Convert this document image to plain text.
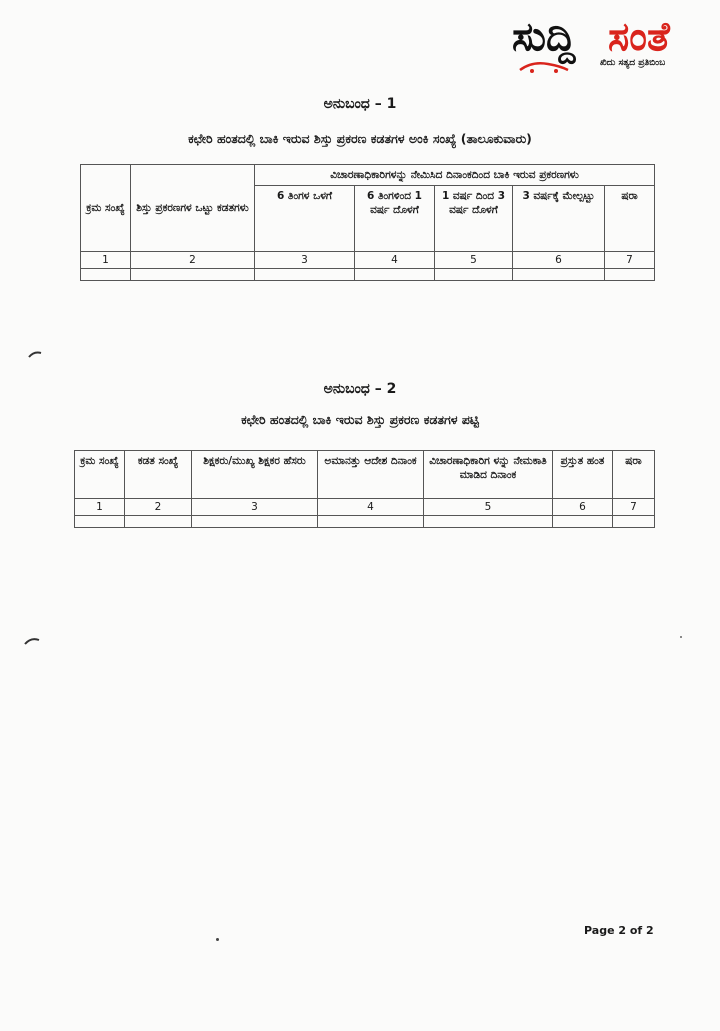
ಸುದ್ದಿ ಸಂತೆ
ಖಿದು ಸತ್ಯದ ಪ್ರತಿಬಿಂಬ
ಅನುಬಂಧ – 1
ಕಛೇರಿ ಹಂತದಲ್ಲಿ ಬಾಕಿ ಇರುವ ಶಿಸ್ತು ಪ್ರಕರಣ ಕಡತಗಳ ಅಂಕಿ ಸಂಖ್ಯೆ (ತಾಲೂಕುವಾರು)
ಕ್ರಮ ಸಂಖ್ಯೆ	ಶಿಸ್ತು ಪ್ರಕರಣಗಳ ಒಟ್ಟು ಕಡತಗಳು	ವಿಚಾರಣಾಧಿಕಾರಿಗಳನ್ನು ನೇಮಿಸಿದ ದಿನಾಂಕದಿಂದ ಬಾಕಿ ಇರುವ ಪ್ರಕರಣಗಳು				
		6 ತಿಂಗಳ ಒಳಗೆ	6 ತಿಂಗಳಿಂದ 1 ವರ್ಷ ದೊಳಗೆ	1 ವರ್ಷ ದಿಂದ 3 ವರ್ಷ ದೊಳಗೆ	3 ವರ್ಷಕ್ಕೆ ಮೇಲ್ಪಟ್ಟು	ಷರಾ
1	2	3	4	5	6	7

ಅನುಬಂಧ – 2
ಕಛೇರಿ ಹಂತದಲ್ಲಿ ಬಾಕಿ ಇರುವ ಶಿಸ್ತು ಪ್ರಕರಣ ಕಡತಗಳ ಪಟ್ಟಿ
ಕ್ರಮ ಸಂಖ್ಯೆ	ಕಡತ ಸಂಖ್ಯೆ	ಶಿಕ್ಷಕರು/ಮುಖ್ಯ ಶಿಕ್ಷಕರ ಹೆಸರು	ಅಮಾನತ್ತು ಆದೇಶ ದಿನಾಂಕ	ವಿಚಾರಣಾಧಿಕಾರಿಗ ಳನ್ನು ನೇಮಕಾತಿ ಮಾಡಿದ ದಿನಾಂಕ	ಪ್ರಸ್ತುತ ಹಂತ	ಷರಾ
1	2	3	4	5	6	7

Page 2 of 2
